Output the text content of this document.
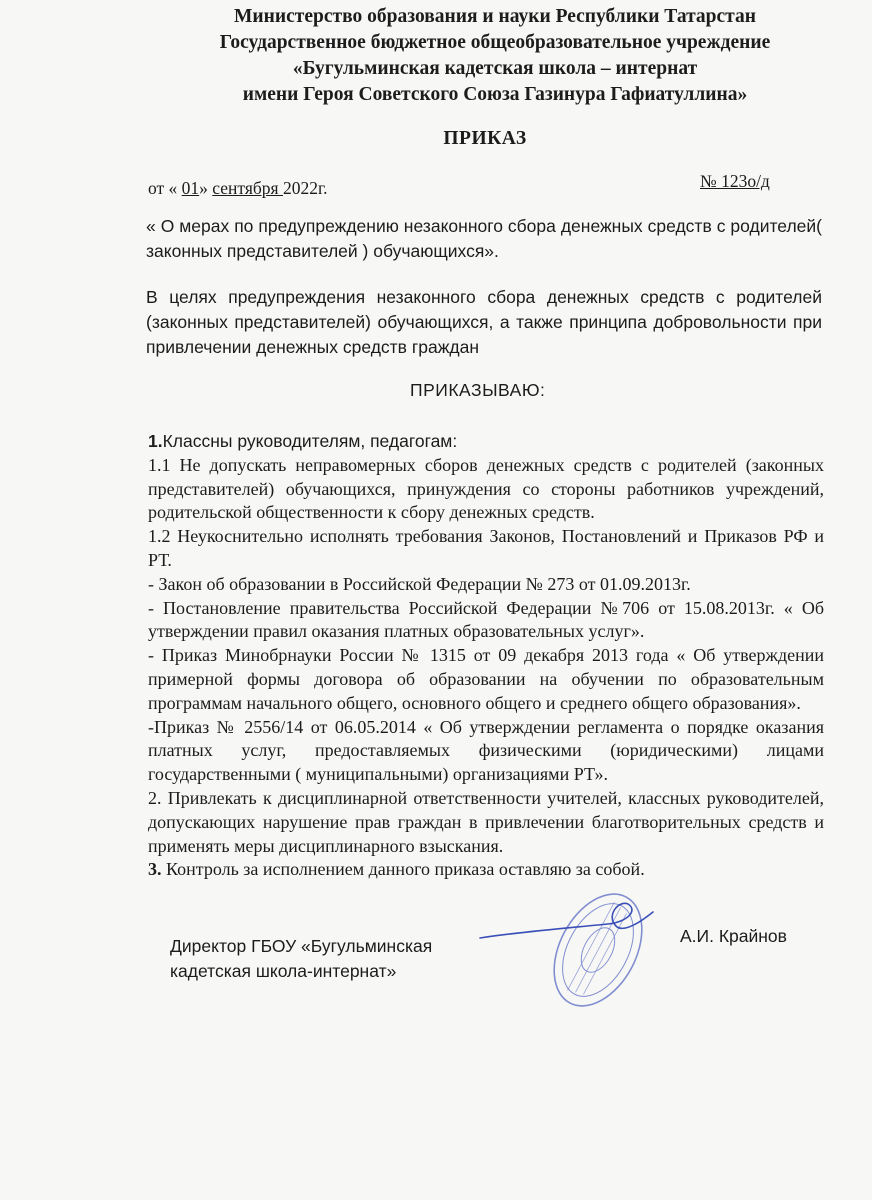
Министерство образования и науки Республики Татарстан
Государственное бюджетное общеобразовательное учреждение
«Бугульминская кадетская школа – интернат
имени Героя Советского Союза Газинура Гафиатуллина»
ПРИКАЗ
от « 01» сентября 2022г.	№ 123о/д
« О мерах по предупреждению незаконного сбора денежных средств с родителей( законных представителей ) обучающихся».
В целях предупреждения незаконного сбора денежных средств с родителей (законных представителей) обучающихся, а также принципа добровольности при привлечении денежных средств граждан
ПРИКАЗЫВАЮ:

1.Классны руководителям, педагогам:

1.1 Не допускать неправомерных сборов денежных средств с родителей (законных представителей) обучающихся, принуждения со стороны работников учреждений, родительской общественности к сбору денежных средств.

1.2 Неукоснительно исполнять требования Законов, Постановлений и Приказов РФ и РТ.

- Закон об образовании в Российской Федерации № 273 от 01.09.2013г.

- Постановление правительства Российской Федерации №706 от 15.08.2013г. « Об утверждении правил оказания платных образовательных услуг».

- Приказ Минобрнауки России № 1315 от 09 декабря 2013 года « Об утверждении примерной формы договора об образовании на обучении по образовательным программам начального общего, основного общего и среднего общего образования».

-Приказ № 2556/14 от 06.05.2014 « Об утверждении регламента о порядке оказания платных услуг, предоставляемых физическими (юридическими) лицами государственными ( муниципальными) организациями РТ».

2. Привлекать к дисциплинарной ответственности учителей, классных руководителей, допускающих нарушение прав граждан в привлечении благотворительных средств и применять меры дисциплинарного взыскания.

3. Контроль за исполнением данного приказа оставляю за собой.

Директор ГБОУ «Бугульминская
кадетская школа-интернат»
А.И. Крайнов
